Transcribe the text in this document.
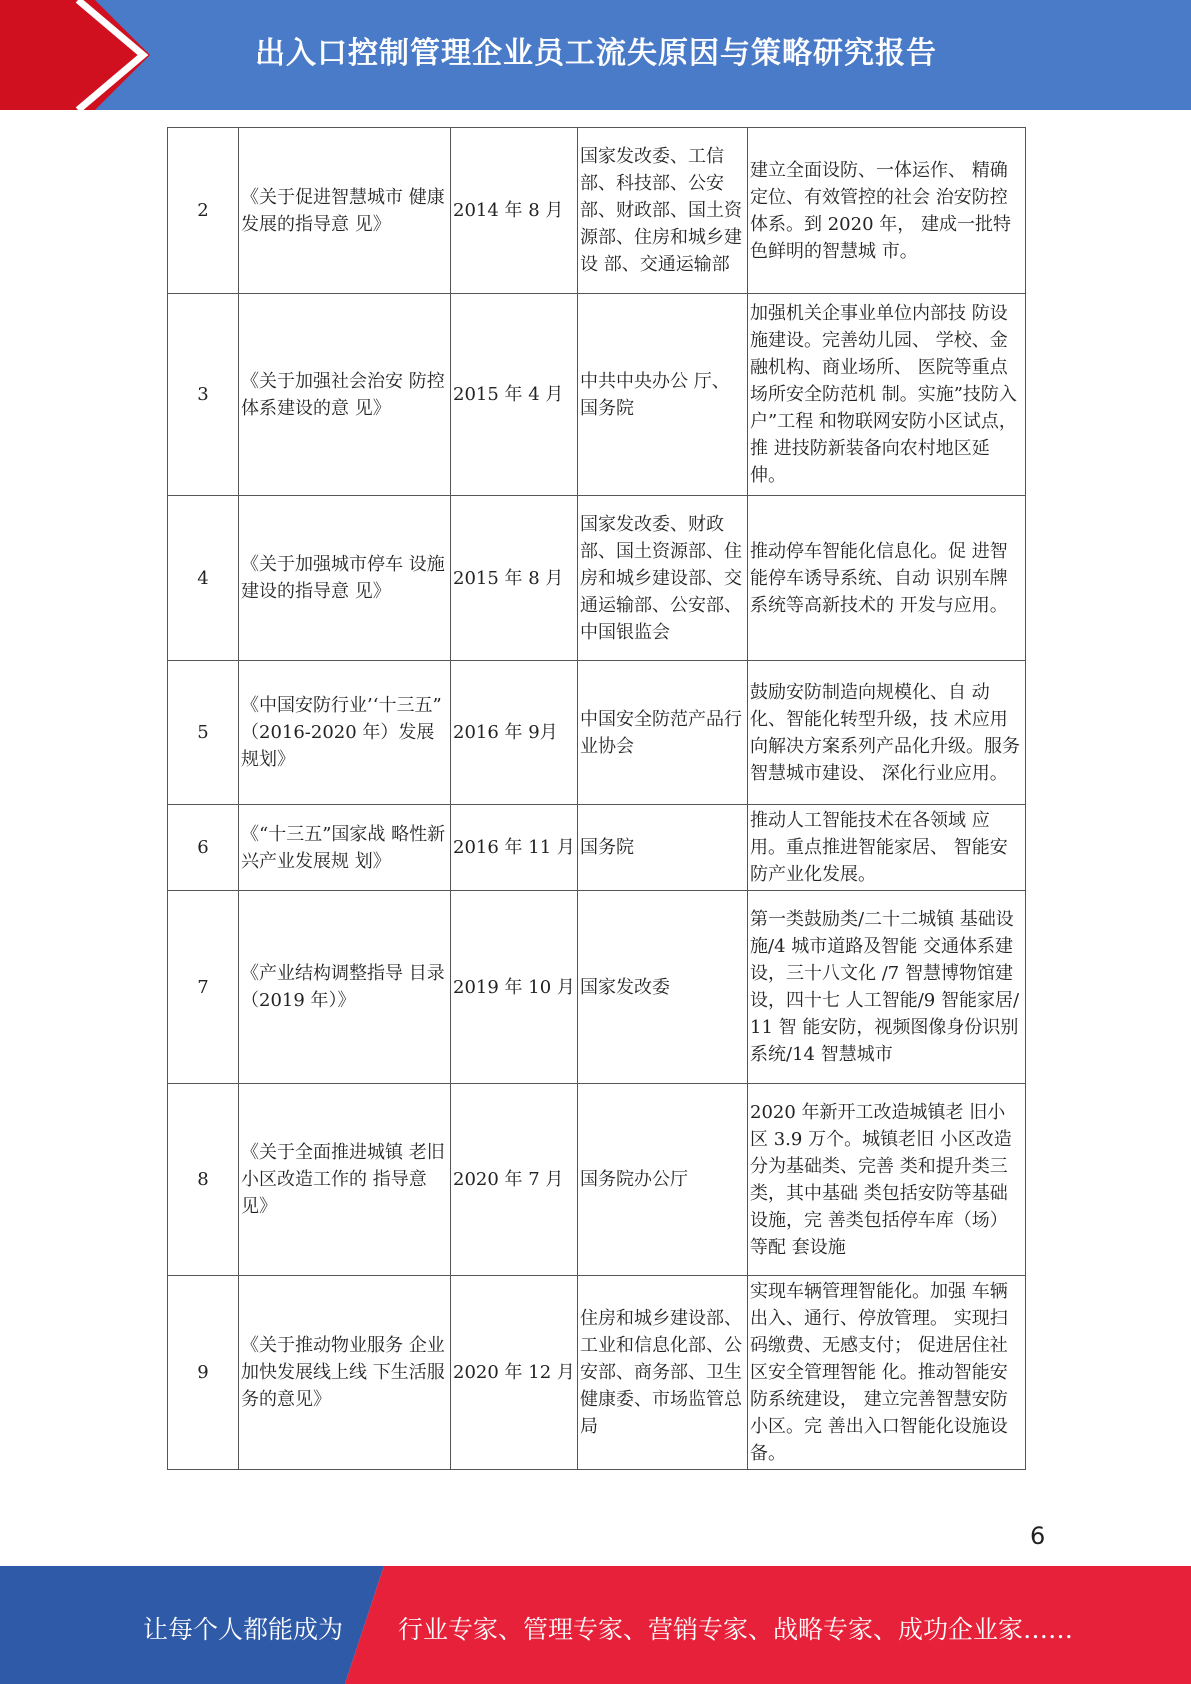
出入口控制管理企业员工流失原因与策略研究报告
2	《关于促进智慧城市 健康发展的指导意 见》	2014 年 8 月	国家发改委、工信部、科技部、公安部、财政部、国土资源部、住房和城乡建设 部、交通运输部	建立全面设防、一体运作、 精确定位、有效管控的社会 治安防控体系。到 2020 年， 建成一批特色鲜明的智慧城 市。
3	《关于加强社会治安 防控体系建设的意 见》	2015 年 4 月	中共中央办公 厅、国务院	加强机关企事业单位内部技 防设施建设。完善幼儿园、 学校、金融机构、商业场所、 医院等重点场所安全防范机 制。实施”技防入户”工程 和物联网安防小区试点，推 进技防新装备向农村地区延 伸。
4	《关于加强城市停车 设施建设的指导意 见》	2015 年 8 月	国家发改委、财政部、国土资源部、住房和城乡建设部、交通运输部、公安部、中国银监会	推动停车智能化信息化。促 进智能停车诱导系统、自动 识别车牌系统等高新技术的 开发与应用。
5	《中国安防行业’‘十三五” （2016-2020 年）发展规划》	2016 年 9月	中国安全防范产品行业协会	鼓励安防制造向规模化、自 动化、智能化转型升级，技 术应用向解决方案系列产品化升级。服务智慧城市建设、 深化行业应用。
6	《“十三五”国家战 略性新兴产业发展规 划》	2016 年 11 月	国务院	推动人工智能技术在各领域 应用。重点推进智能家居、 智能安防产业化发展。
7	《产业结构调整指导 目录（2019 年）》	2019 年 10 月	国家发改委	第一类鼓励类/二十二城镇 基础设施/4 城市道路及智能 交通体系建设，三十八文化 /7 智慧博物馆建设，四十七 人工智能/9 智能家居/11 智 能安防，视频图像身份识别 系统/14 智慧城市
8	《关于全面推进城镇 老旧小区改造工作的 指导意见》	2020 年 7 月	国务院办公厅	2020 年新开工改造城镇老 旧小区 3.9 万个。城镇老旧 小区改造分为基础类、完善 类和提升类三类，其中基础 类包括安防等基础设施，完 善类包括停车库（场）等配 套设施
9	《关于推动物业服务 企业加快发展线上线 下生活服务的意见》	2020 年 12 月	住房和城乡建设部、工业和信息化部、公安部、商务部、卫生健康委、市场监管总局	实现车辆管理智能化。加强 车辆出入、通行、停放管理。 实现扫码缴费、无感支付； 促进居住社区安全管理智能 化。推动智能安防系统建设， 建立完善智慧安防小区。完 善出入口智能化设施设备。
6
让每个人都能成为 行业专家、管理专家、营销专家、战略专家、成功企业家……
